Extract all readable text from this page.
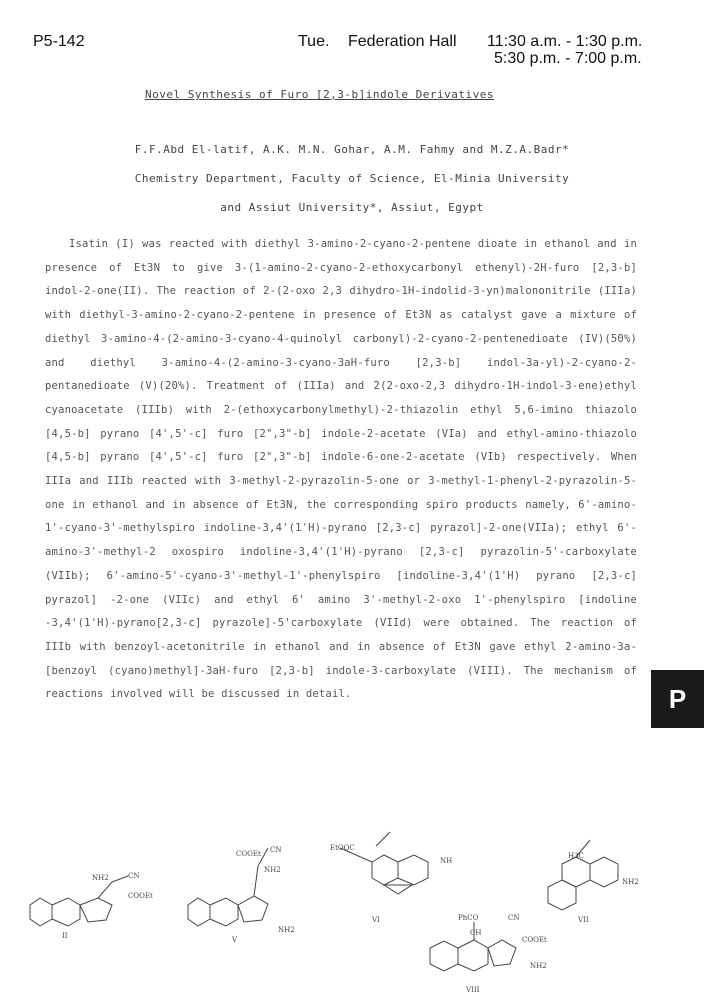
P5-142	Tue. Federation Hall 11:30 a.m. - 1:30 p.m.
5:30 p.m. - 7:00 p.m.
Novel Synthesis of Furo [2,3-b]indole Derivatives
F.F.Abd El-latif, A.K. M.N. Gohar, A.M. Fahmy and M.Z.A.Badr*
Chemistry Department, Faculty of Science, El-Minia University
and Assiut University*, Assiut, Egypt

Isatin (I) was reacted with diethyl 3-amino-2-cyano-2-pentene dioate in ethanol and in presence of Et3N to give 3-(1-amino-2-cyano-2-ethoxycarbonyl ethenyl)-2H-furo [2,3-b] indol-2-one(II). The reaction of 2-(2-oxo 2,3 dihydro-1H-indolid-3-yn)malononitrile (IIIa) with diethyl-3-amino-2-cyano-2-pentene in presence of Et3N as catalyst gave a mixture of diethyl 3-amino-4-(2-amino-3-cyano-4-quinolyl carbonyl)-2-cyano-2-pentenedioate (IV)(50%) and diethyl 3-amino-4-(2-amino-3-cyano-3aH-furo [2,3-b] indol-3a-yl)-2-cyano-2-pentanedioate (V)(20%). Treatment of (IIIa) and 2(2-oxo-2,3 dihydro-1H-indol-3-ene)ethyl cyanoacetate (IIIb) with 2-(ethoxycarbonylmethyl)-2-thiazolin ethyl 5,6-imino thiazolo [4,5-b] pyrano [4',5'-c] furo [2",3"-b] indole-2-acetate (VIa) and ethyl-amino-thiazolo [4,5-b] pyrano [4',5'-c] furo [2",3"-b] indole-6-one-2-acetate (VIb) respectively. When IIIa and IIIb reacted with 3-methyl-2-pyrazolin-5-one or 3-methyl-1-phenyl-2-pyrazolin-5-one in ethanol and in absence of Et3N, the corresponding spiro products namely, 6'-amino-1'-cyano-3'-methylspiro indoline-3,4'(1'H)-pyrano [2,3-c] pyrazol]-2-one(VIIa); ethyl 6'-amino-3'-methyl-2 oxospiro indoline-3,4'(1'H)-pyrano [2,3-c] pyrazolin-5'-carboxylate (VIIb); 6'-amino-5'-cyano-3'-methyl-1'-phenylspiro [indoline-3,4'(1'H) pyrano [2,3-c] pyrazol] -2-one (VIIc) and ethyl 6' amino 3'-methyl-2-oxo 1'-phenylspiro [indoline -3,4'(1'H)-pyrano[2,3-c] pyrazole]-5'carboxylate (VIId) were obtained. The reaction of IIIb with benzoyl-acetonitrile in ethanol and in absence of Et3N gave ethyl 2-amino-3a-[benzoyl (cyano)methyl]-3aH-furo [2,3-b] indole-3-carboxylate (VIII). The mechanism of reactions involved will be discussed in detail.	P
NH2	CN
COOEt
II
COOEt CN
NH2
NH2
V
EtOOC
NH
VI
H3C
NH2
VII
PhCO	CN
CH
COOEt
NH2
VIII
